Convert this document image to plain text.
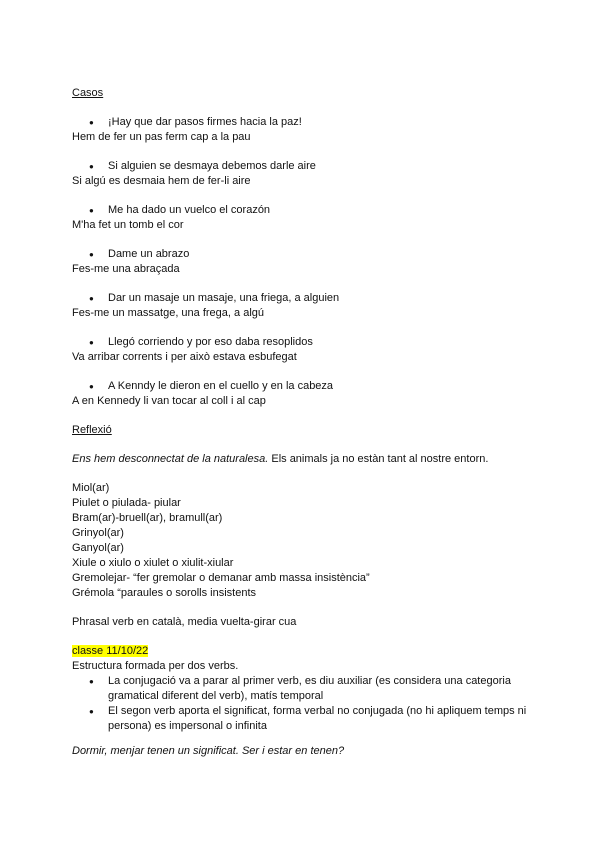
Casos

● ¡Hay que dar pasos firmes hacia la paz!
Hem de fer un pas ferm cap a la pau
● Si alguien se desmaya debemos darle aire
Si algú es desmaia hem de fer-li aire
● Me ha dado un vuelco el corazón
M'ha fet un tomb el cor
● Dame un abrazo
Fes-me una abraçada
● Dar un masaje un masaje, una friega, a alguien
Fes-me un massatge, una frega, a algú
● Llegó corriendo y por eso daba resoplidos
Va arribar corrents i per això estava esbufegat
● A Kenndy le dieron en el cuello y en la cabeza
A en Kennedy li van tocar al coll i al cap

Reflexió

Ens hem desconnectat de la naturalesa. Els animals ja no estàn tant al nostre entorn.
Miol(ar)
Piulet o piulada- piular
Bram(ar)-bruell(ar), bramull(ar)
Grinyol(ar)
Ganyol(ar)
Xiule o xiulo o xiulet o xiulit-xiular
Gremolejar- “fer gremolar o demanar amb massa insistència”
Grémola “paraules o sorolls insistents
Phrasal verb en català, media vuelta-girar cua
classe 11/10/22
Estructura formada per dos verbs.
● La conjugació va a parar al primer verb, es diu auxiliar (es considera una categoria gramatical diferent del verb), matís temporal
● El segon verb aporta el significat, forma verbal no conjugada (no hi apliquem temps ni persona) es impersonal o infinita
Dormir, menjar tenen un significat. Ser i estar en tenen?
